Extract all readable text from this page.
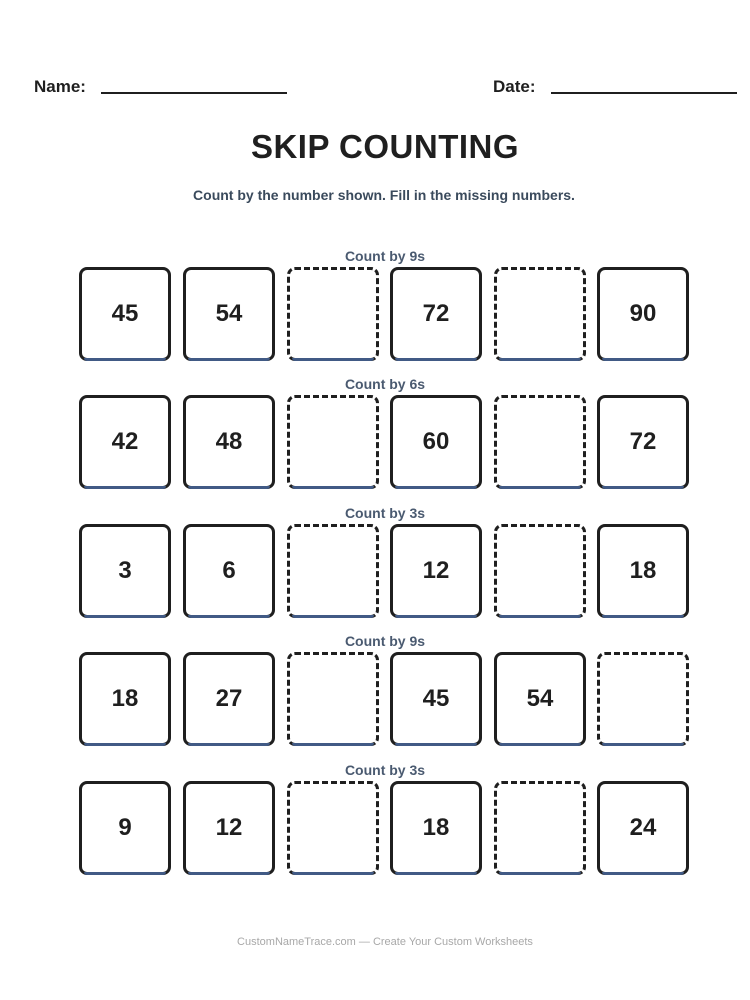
Name:	Date:
SKIP COUNTING

Count by the number shown. Fill in the missing numbers.

Count by 9s
45	54	72	90
Count by 6s
42	48	60	72
Count by 3s
3	6	12	18
Count by 9s
18	27	45	54
Count by 3s
9	12	18	24
CustomNameTrace.com — Create Your Custom Worksheets
